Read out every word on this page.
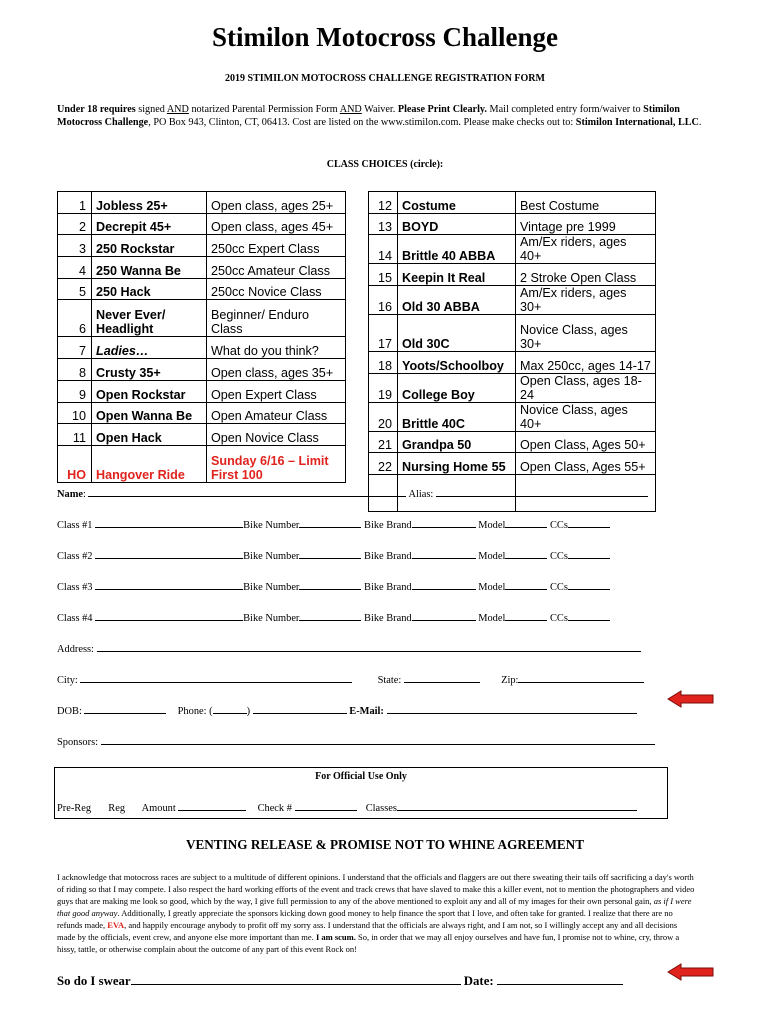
Stimilon Motocross Challenge
2019 STIMILON MOTOCROSS CHALLENGE REGISTRATION FORM
Under 18 requires signed AND notarized Parental Permission Form AND Waiver. Please Print Clearly. Mail completed entry form/waiver to Stimilon Motocross Challenge, PO Box 943, Clinton, CT, 06413. Cost are listed on the www.stimilon.com. Please make checks out to: Stimilon International, LLC.
CLASS CHOICES (circle):
1	Jobless 25+	Open class, ages 25+
2	Decrepit 45+	Open class, ages 45+
3	250 Rockstar	250cc Expert Class
4	250 Wanna Be	250cc Amateur Class
5	250 Hack	250cc Novice Class
6	Never Ever/ Headlight	Beginner/ Enduro Class
7	Ladies…	What do you think?
8	Crusty 35+	Open class, ages 35+
9	Open Rockstar	Open Expert Class
10	Open Wanna Be	Open Amateur Class
11	Open Hack	Open Novice Class
HO	Hangover Ride	Sunday 6/16 – Limit First 100
12	Costume	Best Costume
13	BOYD	Vintage pre 1999
14	Brittle 40 ABBA	Am/Ex riders, ages 40+
15	Keepin It Real	2 Stroke Open Class
16	Old 30 ABBA	Am/Ex riders, ages 30+
17	Old 30C	Novice Class, ages 30+
18	Yoots/Schoolboy	Max 250cc, ages 14-17
19	College Boy	Open Class, ages 18-24
20	Brittle 40C	Novice Class, ages 40+
21	Grandpa 50	Open Class, Ages 50+
22	Nursing Home 55	Open Class, Ages 55+

Name:	Alias:
Class #1	Bike Number	Bike Brand	Model	CCs
Class #2	Bike Number	Bike Brand	Model	CCs
Class #3	Bike Number	Bike Brand	Model	CCs
Class #4	Bike Number	Bike Brand	Model	CCs
Address:
City:	State:	Zip:
DOB:	Phone: (	)	E-Mail:
Sponsors:
For Official Use Only
Pre-Reg Reg Amount	Check #	Classes
VENTING RELEASE & PROMISE NOT TO WHINE AGREEMENT
I acknowledge that motocross races are subject to a multitude of different opinions. I understand that the officials and flaggers are out there sweating their tails off sacrificing a day's worth of riding so that I may compete. I also respect the hard working efforts of the event and track crews that have slaved to make this a killer event, not to mention the photographers and video guys that are making me look so good, which by the way, I give full permission to any of the above mentioned to exploit any and all of my images for their own personal gain, as if I were that good anyway. Additionally, I greatly appreciate the sponsors kicking down good money to help finance the sport that I love, and often take for granted. I realize that there are no refunds made, EVA, and happily encourage anybody to profit off my sorry ass. I understand that the officials are always right, and I am not, so I willingly accept any and all decisions made by the officials, event crew, and anyone else more important than me. I am scum. So, in order that we may all enjoy ourselves and have fun, I promise not to whine, cry, throw a hissy, tattle, or otherwise complain about the outcome of any part of this event Rock on!
So do I swear	Date:
